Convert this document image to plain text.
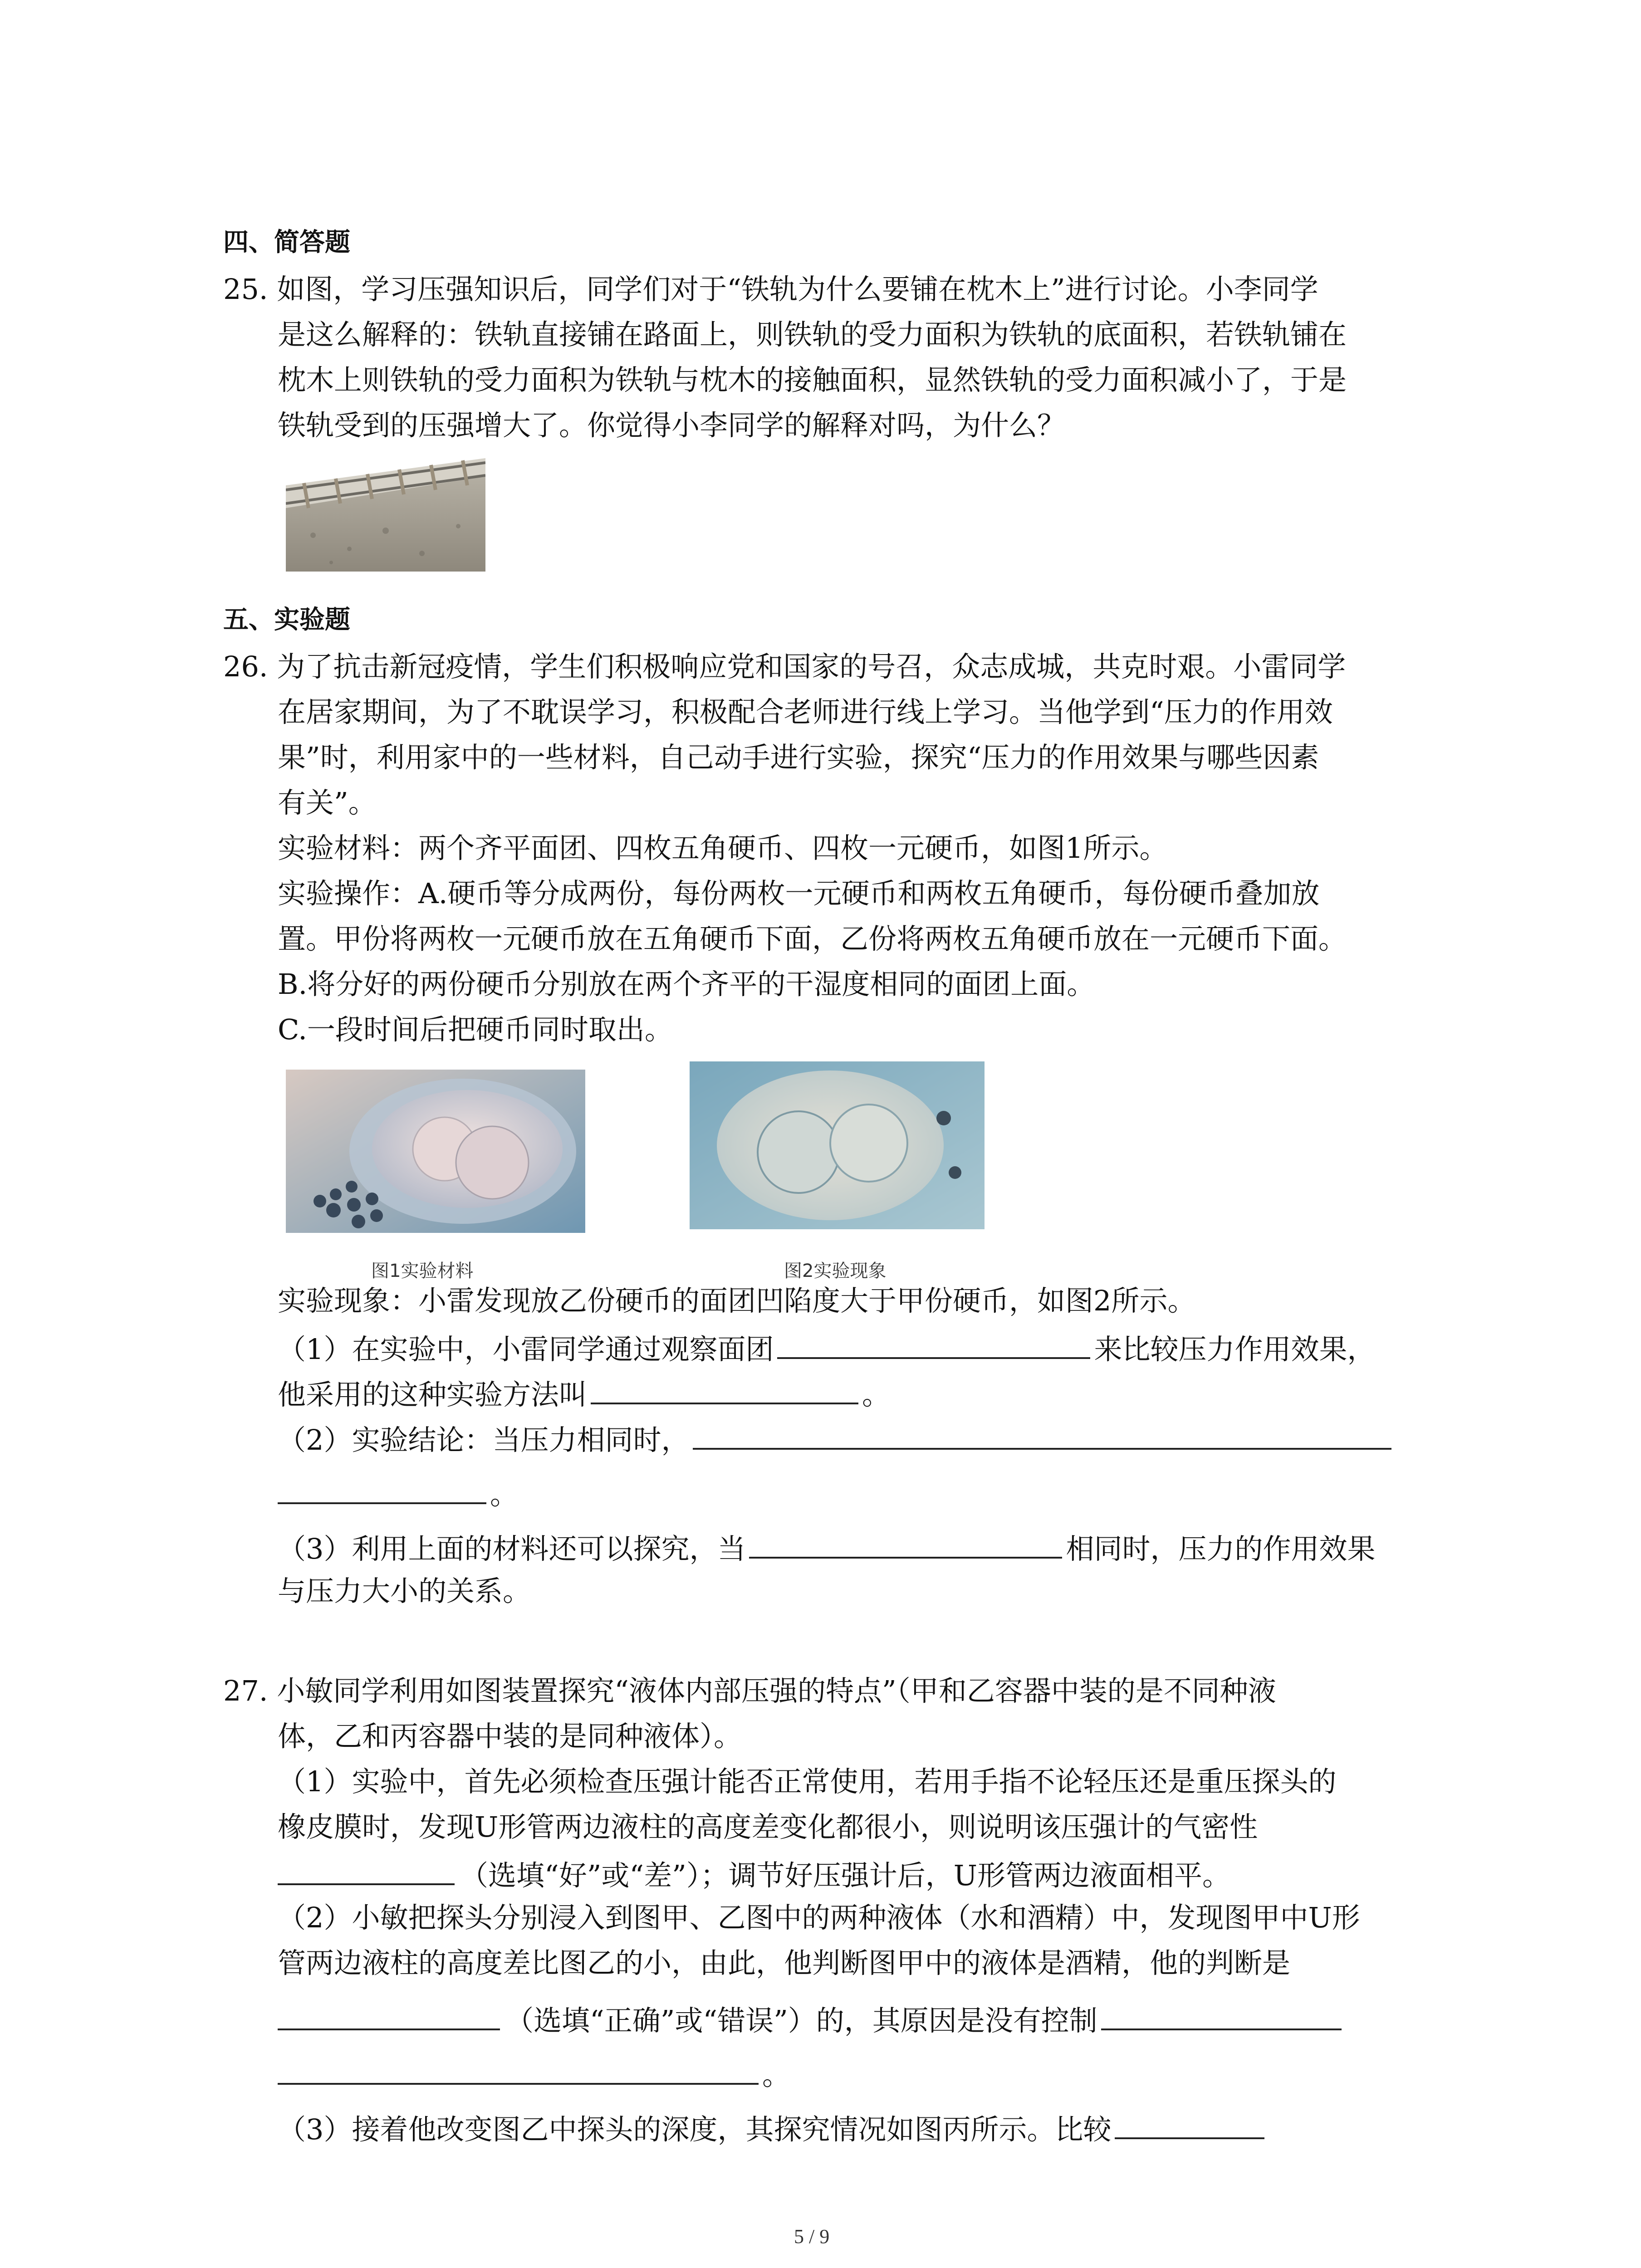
四、简答题
25. 如图，学习压强知识后，同学们对于“铁轨为什么要铺在枕木上”进行讨论。小李同学
是这么解释的：铁轨直接铺在路面上，则铁轨的受力面积为铁轨的底面积，若铁轨铺在
枕木上则铁轨的受力面积为铁轨与枕木的接触面积，显然铁轨的受力面积减小了，于是
铁轨受到的压强增大了。你觉得小李同学的解释对吗，为什么？
五、实验题
26. 为了抗击新冠疫情，学生们积极响应党和国家的号召，众志成城，共克时艰。小雷同学
在居家期间，为了不耽误学习，积极配合老师进行线上学习。当他学到“压力的作用效
果”时，利用家中的一些材料，自己动手进行实验，探究“压力的作用效果与哪些因素
有关”。
实验材料：两个齐平面团、四枚五角硬币、四枚一元硬币，如图1所示。
实验操作：A.硬币等分成两份，每份两枚一元硬币和两枚五角硬币，每份硬币叠加放
置。甲份将两枚一元硬币放在五角硬币下面，乙份将两枚五角硬币放在一元硬币下面。
B.将分好的两份硬币分别放在两个齐平的干湿度相同的面团上面。
C.一段时间后把硬币同时取出。
图1实验材料	图2实验现象
实验现象：小雷发现放乙份硬币的面团凹陷度大于甲份硬币，如图2所示。
（1）在实验中，小雷同学通过观察面团	来比较压力作用效果，
他采用的这种实验方法叫	。
（2）实验结论：当压力相同时，
。
（3）利用上面的材料还可以探究，当	相同时，压力的作用效果
与压力大小的关系。
27. 小敏同学利用如图装置探究“液体内部压强的特点”（甲和乙容器中装的是不同种液
体，乙和丙容器中装的是同种液体）。
（1）实验中，首先必须检查压强计能否正常使用，若用手指不论轻压还是重压探头的
橡皮膜时，发现U形管两边液柱的高度差变化都很小，则说明该压强计的气密性
（选填“好”或“差”）；调节好压强计后，U形管两边液面相平。
（2）小敏把探头分别浸入到图甲、乙图中的两种液体（水和酒精）中，发现图甲中U形
管两边液柱的高度差比图乙的小，由此，他判断图甲中的液体是酒精，他的判断是
（选填“正确”或“错误”）的，其原因是没有控制
。
（3）接着他改变图乙中探头的深度，其探究情况如图丙所示。比较
5 / 9
